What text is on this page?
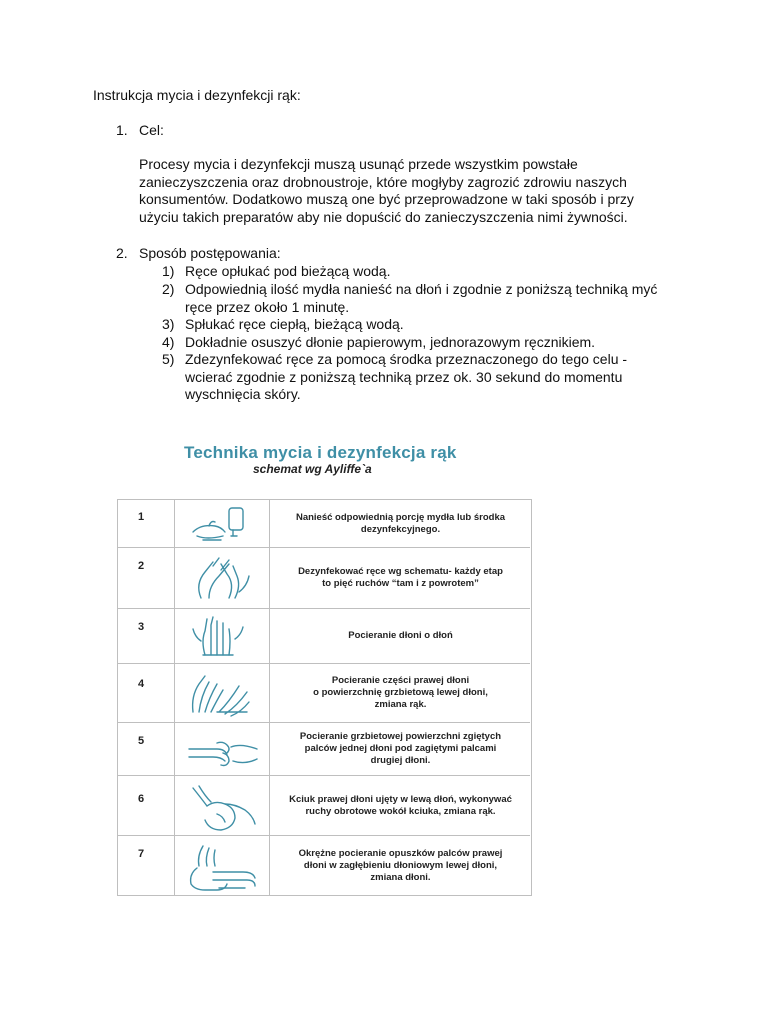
Instrukcja mycia i dezynfekcji rąk:
1. Cel:
Procesy mycia i dezynfekcji muszą usunąć przede wszystkim powstałe
zanieczyszczenia oraz drobnoustroje, które mogłyby zagrozić zdrowiu naszych
konsumentów. Dodatkowo muszą one być przeprowadzone w taki sposób i przy
użyciu takich preparatów aby nie dopuścić do zanieczyszczenia nimi żywności.
2. Sposób postępowania:
1) Ręce opłukać pod bieżącą wodą.
2) Odpowiednią ilość mydła nanieść na dłoń i zgodnie z poniższą techniką myć
ręce przez około 1 minutę.
3) Spłukać ręce ciepłą, bieżącą wodą.
4) Dokładnie osuszyć dłonie papierowym, jednorazowym ręcznikiem.
5) Zdezynfekować ręce za pomocą środka przeznaczonego do tego celu -
wcierać zgodnie z poniższą techniką przez ok. 30 sekund do momentu
wyschnięcia skóry.
Technika mycia i dezynfekcja rąk
schemat wg Ayliffe`a
1	Nanieść odpowiednią porcję mydła lub środka
dezynfekcyjnego.
2	Dezynfekować ręce wg schematu- każdy etap
to pięć ruchów “tam i z powrotem”
3
Pocieranie dłoni o dłoń
4	Pocieranie części prawej dłoni
o powierzchnię grzbietową lewej dłoni,
zmiana rąk.
5	Pocieranie grzbietowej powierzchni zgiętych
palców jednej dłoni pod zagiętymi palcami
drugiej dłoni.
6	Kciuk prawej dłoni ujęty w lewą dłoń, wykonywać
ruchy obrotowe wokół kciuka, zmiana rąk.
7	Okrężne pocieranie opuszków palców prawej
dłoni w zagłębieniu dłoniowym lewej dłoni,
zmiana dłoni.
